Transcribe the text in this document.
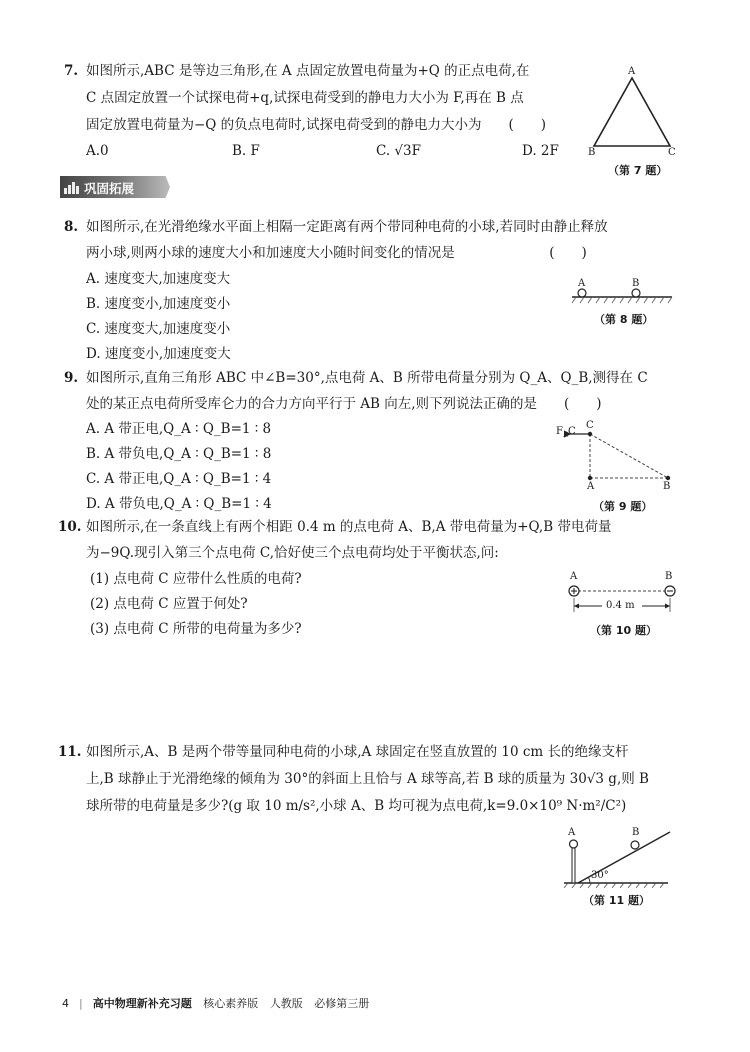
7. 如图所示,ABC 是等边三角形,在 A 点固定放置电荷量为+Q 的正点电荷,在
C 点固定放置一个试探电荷+q,试探电荷受到的静电力大小为 F,再在 B 点
固定放置电荷量为−Q 的负点电荷时,试探电荷受到的静电力大小为　　(　　)
A.0	B. F	C. √3F	D. 2F
A
B	C
（第 7 题）
巩固拓展
8. 如图所示,在光滑绝缘水平面上相隔一定距离有两个带同种电荷的小球,若同时由静止释放
两小球,则两小球的速度大小和加速度大小随时间变化的情况是　　　　　　　(　　)
A. 速度变大,加速度变大
B. 速度变小,加速度变小
C. 速度变大,加速度变小
D. 速度变小,加速度变大
A	B
（第 8 题）
9. 如图所示,直角三角形 ABC 中∠B=30°,点电荷 A、B 所带电荷量分别为 Q_A、Q_B,测得在 C
处的某正点电荷所受库仑力的合力方向平行于 AB 向左,则下列说法正确的是　　(　　)
A. A 带正电,Q_A ∶ Q_B=1 ∶ 8
B. A 带负电,Q_A ∶ Q_B=1 ∶ 8
C. A 带正电,Q_A ∶ Q_B=1 ∶ 4
D. A 带负电,Q_A ∶ Q_B=1 ∶ 4
F_C
C
A	B
（第 9 题）
10. 如图所示,在一条直线上有两个相距 0.4 m 的点电荷 A、B,A 带电荷量为+Q,B 带电荷量
为−9Q.现引入第三个点电荷 C,恰好使三个点电荷均处于平衡状态,问:
(1) 点电荷 C 应带什么性质的电荷?
(2) 点电荷 C 应置于何处?
(3) 点电荷 C 所带的电荷量为多少?
A	B
0.4 m
（第 10 题）
11. 如图所示,A、B 是两个带等量同种电荷的小球,A 球固定在竖直放置的 10 cm 长的绝缘支杆
上,B 球静止于光滑绝缘的倾角为 30°的斜面上且恰与 A 球等高,若 B 球的质量为 30√3 g,则 B
球所带的电荷量是多少?(g 取 10 m/s²,小球 A、B 均可视为点电荷,k=9.0×10⁹ N·m²/C²)
A	B
30°
（第 11 题）
4 | 高中物理新补充习题 核心素养版 人教版 必修第三册
